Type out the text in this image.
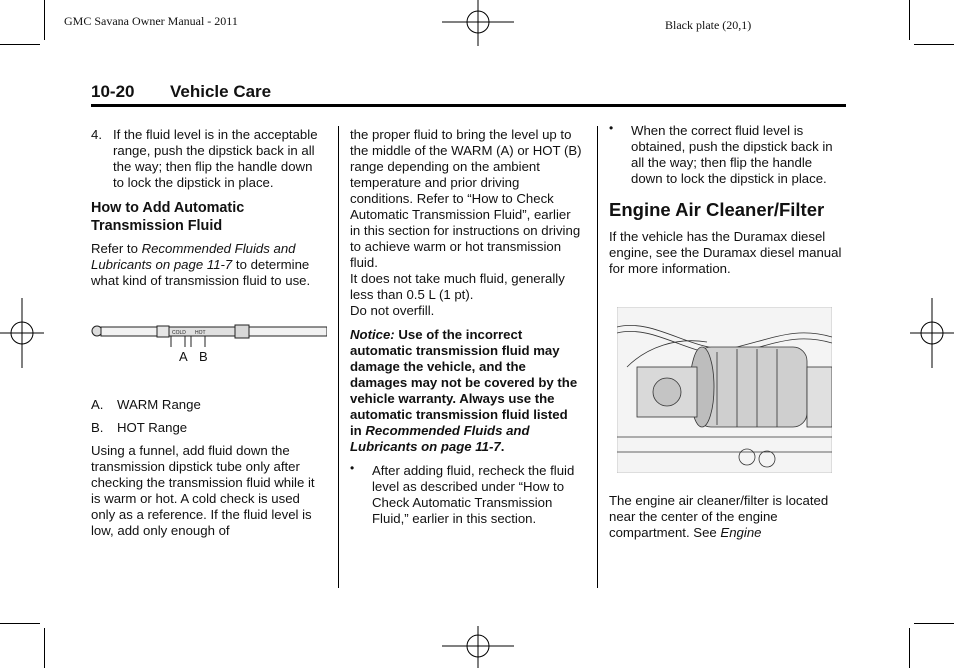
GMC Savana Owner Manual - 2011	Black plate (20,1)
10-20 Vehicle Care
4. If the fluid level is in the acceptable range, push the dipstick back in all the way; then flip the handle down to lock the dipstick in place.
How to Add Automatic Transmission Fluid

Refer to Recommended Fluids and Lubricants on page 11-7 to determine what kind of transmission fluid to use.

COLD HOT
A B
A. WARM Range
B. HOT Range

Using a funnel, add fluid down the transmission dipstick tube only after checking the transmission fluid while it is warm or hot. A cold check is used only as a reference. If the fluid level is low, add only enough of

the proper fluid to bring the level up to the middle of the WARM (A) or HOT (B) range depending on the ambient temperature and prior driving conditions. Refer to “How to Check Automatic Transmission Fluid”, earlier in this section for instructions on driving to achieve warm or hot transmission fluid.

It does not take much fluid, generally less than 0.5 L (1 pt).

Do not overfill.

Notice: Use of the incorrect automatic transmission fluid may damage the vehicle, and the damages may not be covered by the vehicle warranty. Always use the automatic transmission fluid listed in Recommended Fluids and Lubricants on page 11-7.

• After adding fluid, recheck the fluid level as described under “How to Check Automatic Transmission Fluid,” earlier in this section.
• When the correct fluid level is obtained, push the dipstick back in all the way; then flip the handle down to lock the dipstick in place.
Engine Air Cleaner/Filter

If the vehicle has the Duramax diesel engine, see the Duramax diesel manual for more information.

The engine air cleaner/filter is located near the center of the engine compartment. See Engine
